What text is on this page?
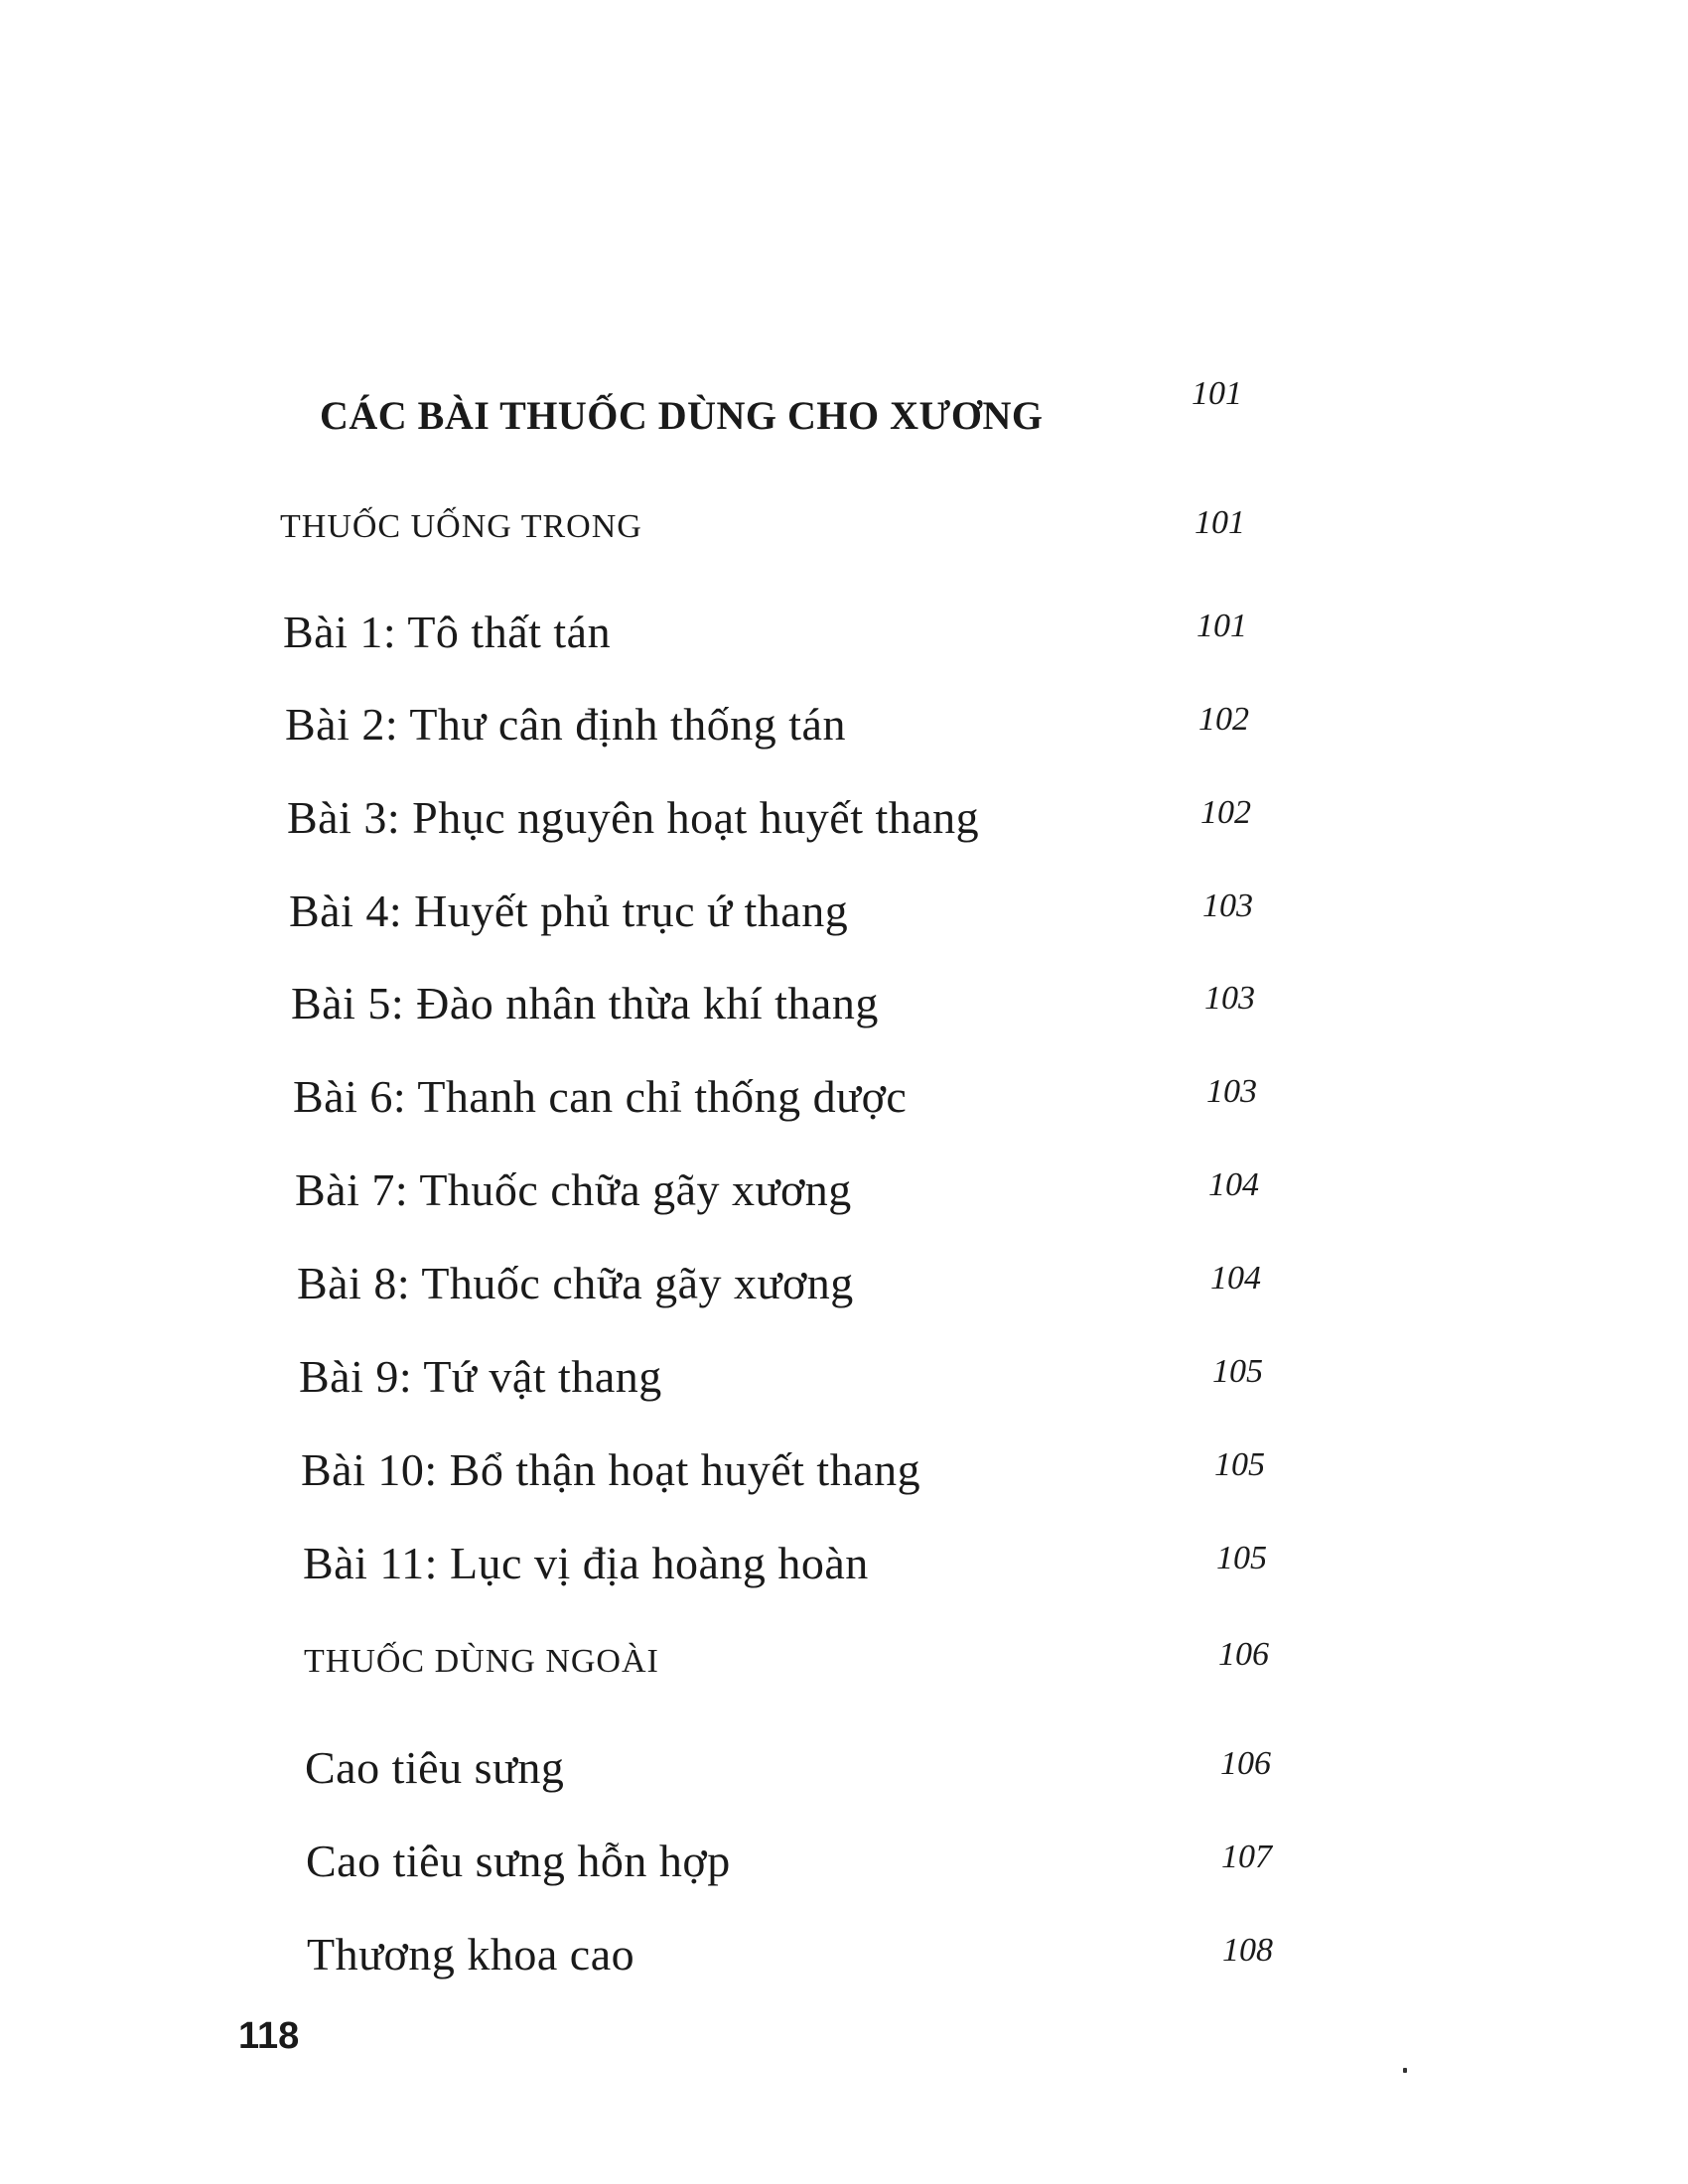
CÁC BÀI THUỐC DÙNG CHO XƯƠNG	101
THUỐC UỐNG TRONG	101
Bài 1: Tô thất tán	101
Bài 2: Thư cân định thống tán	102
Bài 3: Phục nguyên hoạt huyết thang	102
Bài 4: Huyết phủ trục ứ thang	103
Bài 5: Đào nhân thừa khí thang	103
Bài 6: Thanh can chỉ thống dược	103
Bài 7: Thuốc chữa gãy xương	104
Bài 8: Thuốc chữa gãy xương	104
Bài 9: Tứ vật thang	105
Bài 10: Bổ thận hoạt huyết thang	105
Bài 11: Lục vị địa hoàng hoàn	105
THUỐC DÙNG NGOÀI	106
Cao tiêu sưng	106
Cao tiêu sưng hỗn hợp	107
Thương khoa cao	108
118
